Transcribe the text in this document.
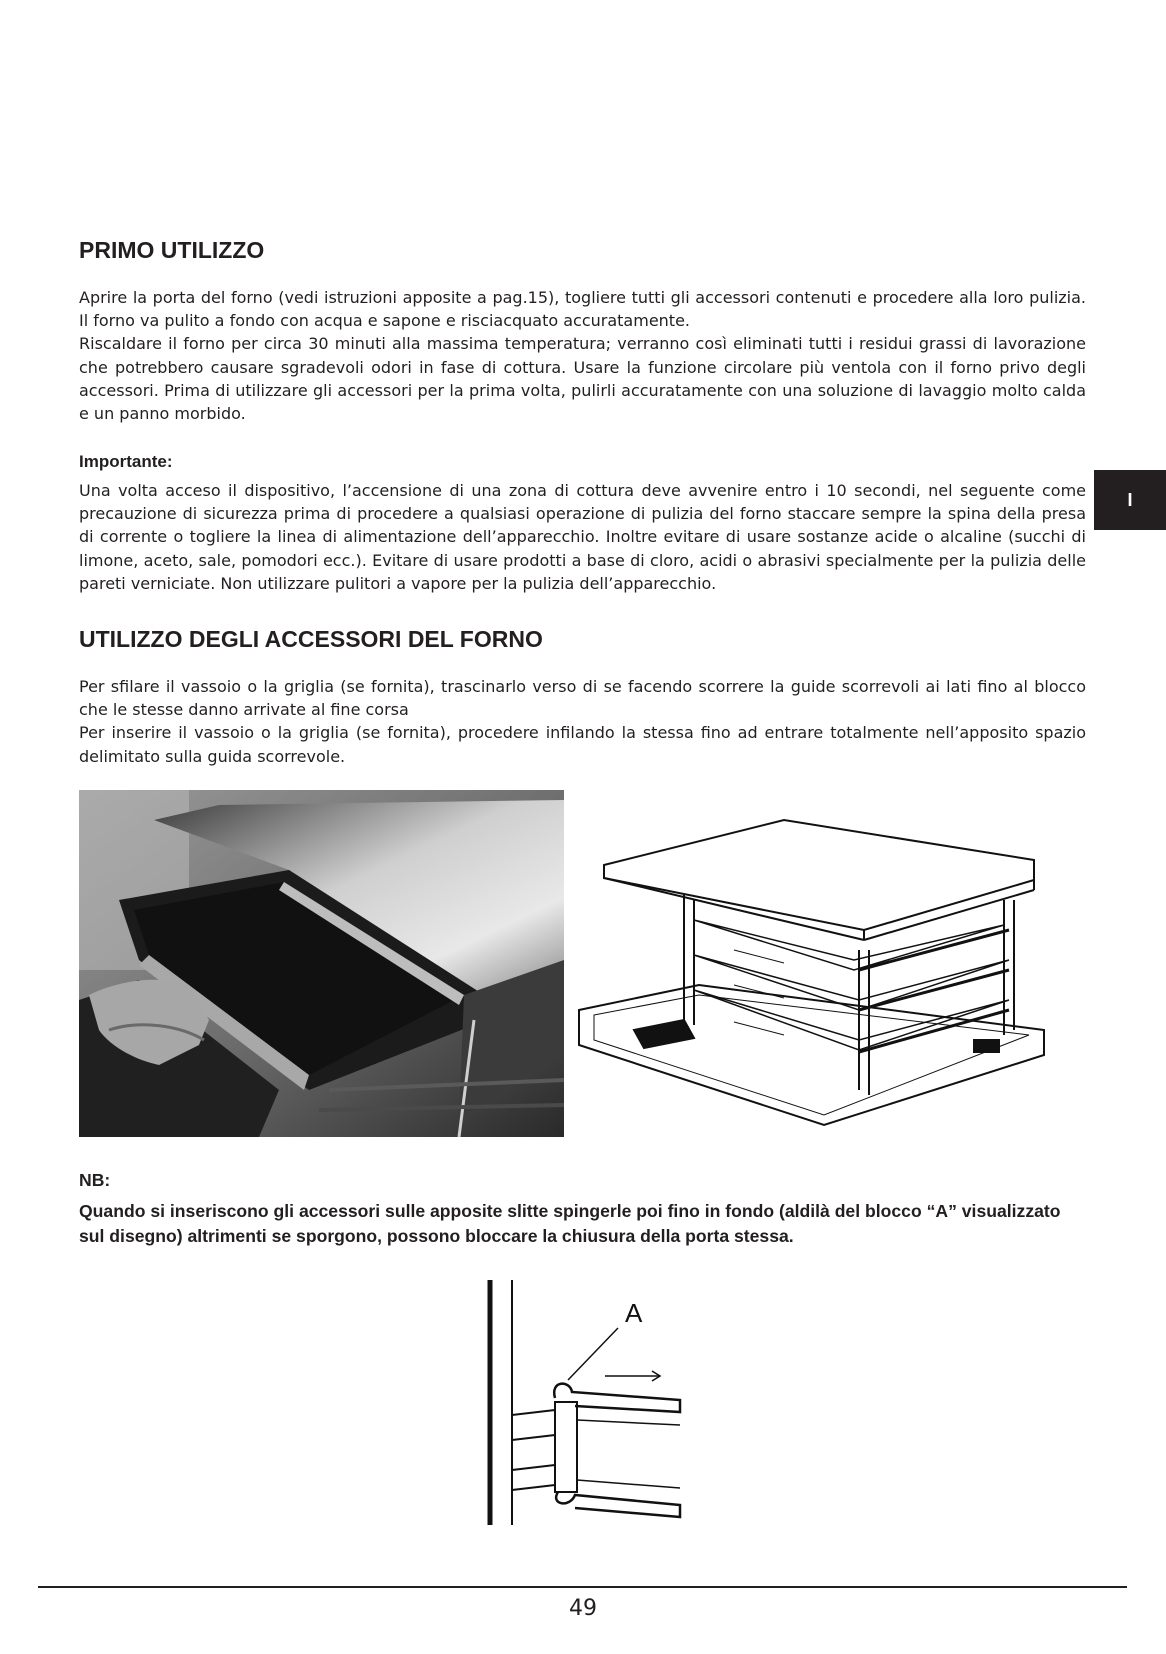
PRIMO UTILIZZO

Aprire la porta del forno (vedi istruzioni apposite a pag.15), togliere tutti gli accessori contenuti e procedere alla loro pulizia. Il forno va pulito a fondo con acqua e sapone e risciacquato accuratamente.

Riscaldare il forno per circa 30 minuti alla massima temperatura; verranno così eliminati tutti i residui grassi di lavorazione che potrebbero causare sgradevoli odori in fase di cottura. Usare la funzione circolare più ventola con il forno privo degli accessori. Prima di utilizzare gli accessori per la prima volta, pulirli accuratamente con una soluzione di lavaggio molto calda e un panno morbido.

Importante:

Una volta acceso il dispositivo, l’accensione di una zona di cottura deve avvenire entro i 10 secondi, nel seguente come precauzione di sicurezza prima di procedere a qualsiasi operazione di pulizia del forno staccare sempre la spina della presa di corrente o togliere la linea di alimentazione dell’apparecchio. Inoltre evitare di usare sostanze acide o alcaline (succhi di limone, aceto, sale, pomodori ecc.). Evitare di usare prodotti a base di cloro, acidi o abrasivi specialmente per la pulizia delle pareti verniciate. Non utilizzare pulitori a vapore per la pulizia dell’apparecchio.

UTILIZZO DEGLI ACCESSORI DEL FORNO

Per sfilare il vassoio o la griglia (se fornita), trascinarlo verso di se facendo scorrere la guide scorrevoli ai lati fino al blocco che le stesse danno arrivate al fine corsa

Per inserire il vassoio o la griglia (se fornita), procedere infilando la stessa fino ad entrare totalmente nell’apposito spazio delimitato sulla guida scorrevole.

I
NB:

Quando si inseriscono gli accessori sulle apposite slitte spingerle poi fino in fondo (aldilà del blocco “A” visualizzato sul disegno) altrimenti se sporgono, possono bloccare la chiusura della porta stessa.

A
49
